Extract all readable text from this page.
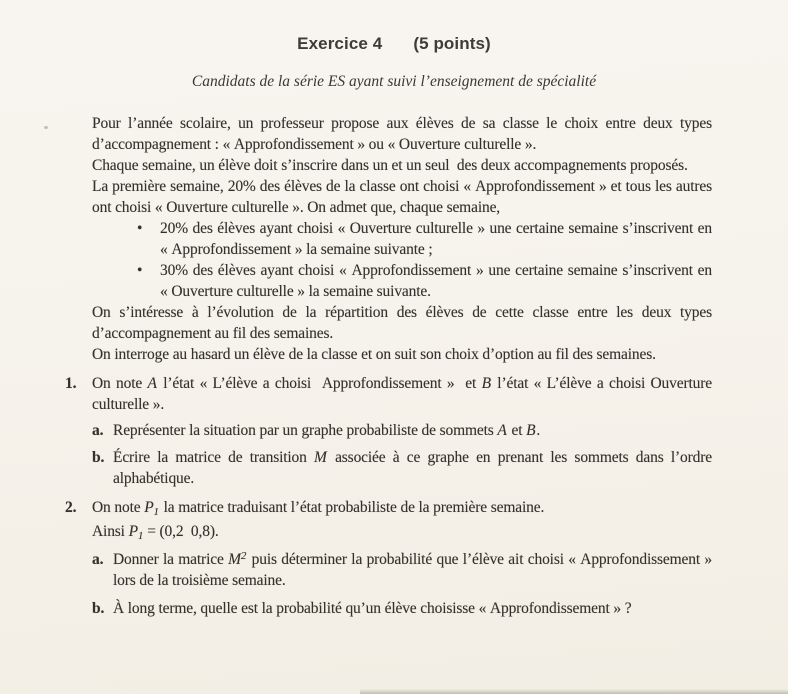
Exercice 4 (5 points)
Candidats de la série ES ayant suivi l’enseignement de spécialité

Pour l’année scolaire, un professeur propose aux élèves de sa classe le choix entre deux types d’accompagnement : « Approfondissement » ou « Ouverture culturelle ».

Chaque semaine, un élève doit s’inscrire dans un et un seul  des deux accompagnements proposés.

La première semaine, 20% des élèves de la classe ont choisi « Approfondissement » et tous les autres ont choisi « Ouverture culturelle ». On admet que, chaque semaine,

•	20% des élèves ayant choisi « Ouverture culturelle » une certaine semaine s’inscrivent en « Approfondissement » la semaine suivante ;
•	30% des élèves ayant choisi « Approfondissement » une certaine semaine s’inscrivent en « Ouverture culturelle » la semaine suivante.

On s’intéresse à l’évolution de la répartition des élèves de cette classe entre les deux types d’accompagnement au fil des semaines.

On interroge au hasard un élève de la classe et on suit son choix d’option au fil des semaines.

1.	On note A l’état « L’élève a choisi  Approfondissement »  et B l’état « L’élève a choisi Ouverture culturelle ».
a. Représenter la situation par un graphe probabiliste de sommets A et B.
b. Écrire la matrice de transition M associée à ce graphe en prenant les sommets dans l’ordre alphabétique.
2.	On note $P_1$ la matrice traduisant l’état probabiliste de la première semaine.
Ainsi $P_1 = (0,2$  0,8).
a. Donner la matrice $M^2$ puis déterminer la probabilité que l’élève ait choisi « Approfondissement » lors de la troisième semaine.
b. À long terme, quelle est la probabilité qu’un élève choisisse « Approfondissement » ?
